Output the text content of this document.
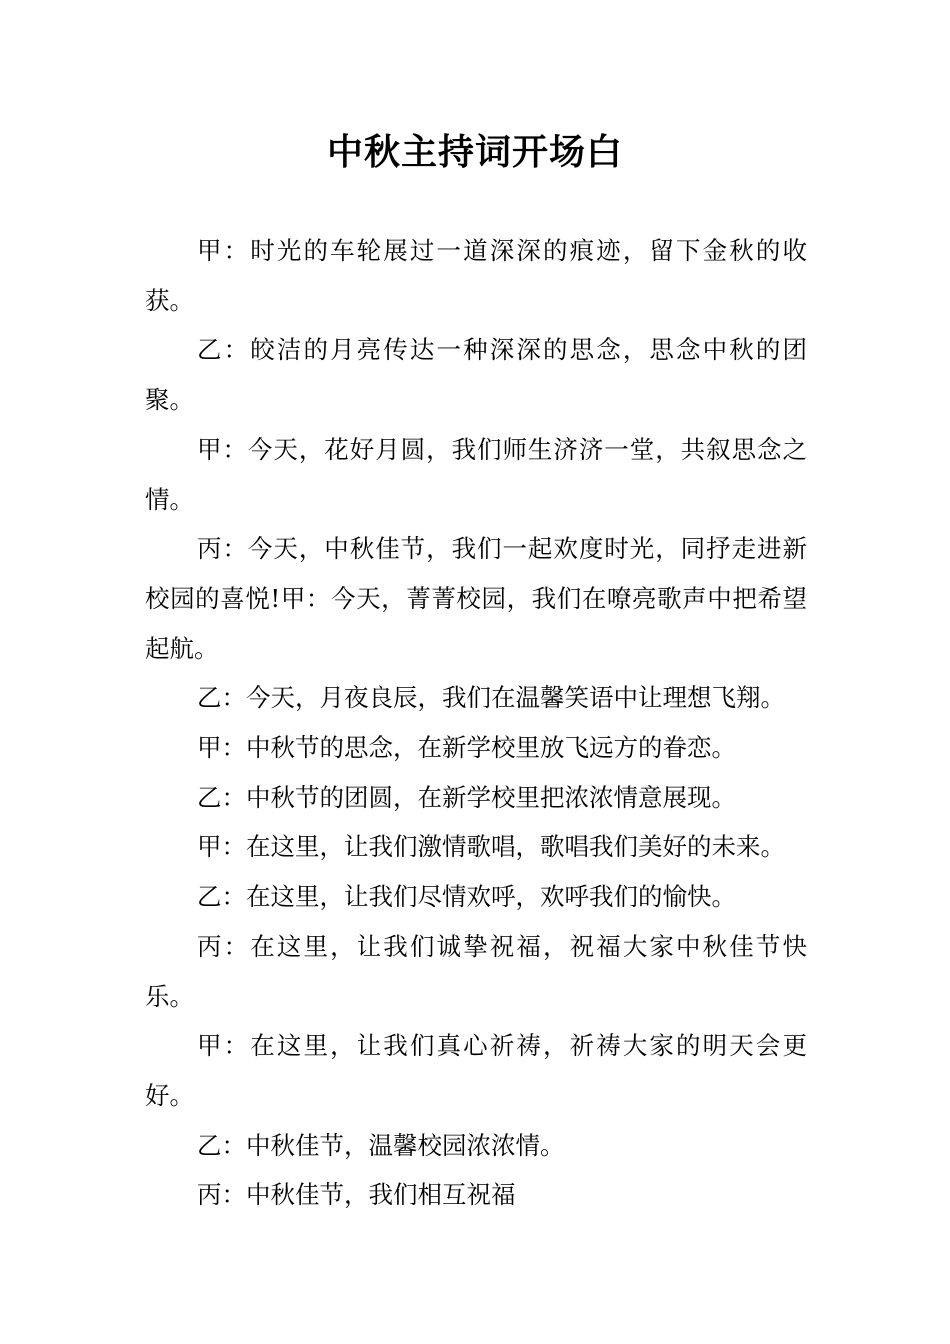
中秋主持词开场白

甲：时光的车轮展过一道深深的痕迹，留下金秋的收获。

乙：皎洁的月亮传达一种深深的思念，思念中秋的团聚。

甲：今天，花好月圆，我们师生济济一堂，共叙思念之情。

丙：今天，中秋佳节，我们一起欢度时光，同抒走进新校园的喜悦!甲：今天，菁菁校园，我们在嘹亮歌声中把希望起航。

乙：今天，月夜良辰，我们在温馨笑语中让理想飞翔。

甲：中秋节的思念，在新学校里放飞远方的眷恋。

乙：中秋节的团圆，在新学校里把浓浓情意展现。

甲：在这里，让我们激情歌唱，歌唱我们美好的未来。

乙：在这里，让我们尽情欢呼，欢呼我们的愉快。

丙：在这里，让我们诚挚祝福，祝福大家中秋佳节快乐。

甲：在这里，让我们真心祈祷，祈祷大家的明天会更好。

乙：中秋佳节，温馨校园浓浓情。

丙：中秋佳节，我们相互祝福
